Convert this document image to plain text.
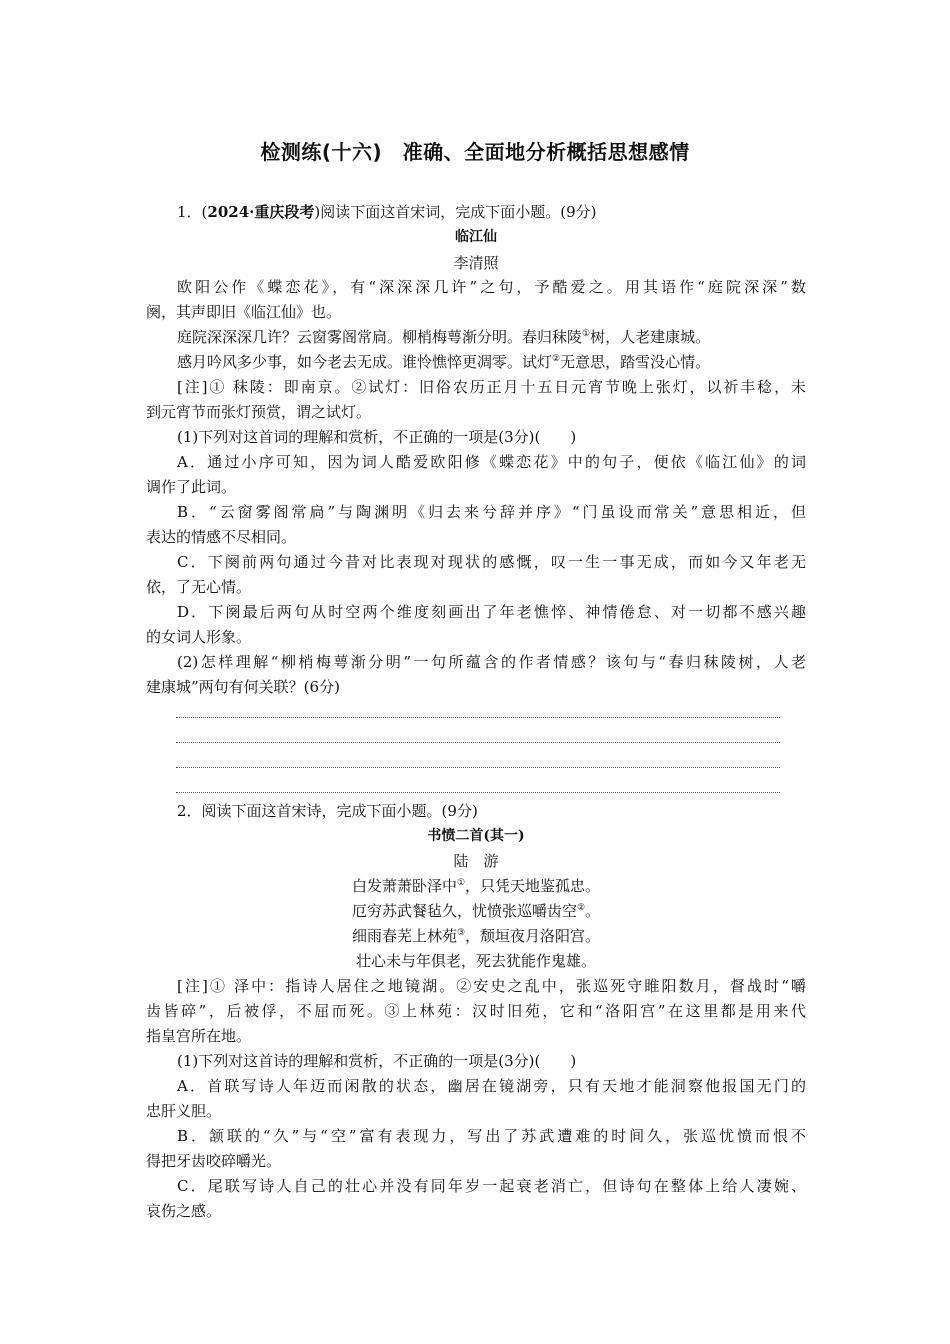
检测练(十六)　准确、全面地分析概括思想感情
1．(2024·重庆段考)阅读下面这首宋词，完成下面小题。(9分)
临江仙
李清照
欧阳公作《蝶恋花》，有“深深深几许”之句，予酷爱之。用其语作“庭院深深”数
阕，其声即旧《临江仙》也。
庭院深深深几许？云窗雾阁常扃。柳梢梅萼渐分明。春归秣陵①树，人老建康城。
感月吟风多少事，如今老去无成。谁怜憔悴更凋零。试灯②无意思，踏雪没心情。
[注]① 秣陵：即南京。②试灯：旧俗农历正月十五日元宵节晚上张灯，以祈丰稔，未
到元宵节而张灯预赏，谓之试灯。
(1)下列对这首词的理解和赏析，不正确的一项是(3分)(　　)
A．通过小序可知，因为词人酷爱欧阳修《蝶恋花》中的句子，便依《临江仙》的词
调作了此词。
B．“云窗雾阁常扃”与陶渊明《归去来兮辞并序》“门虽设而常关”意思相近，但
表达的情感不尽相同。
C．下阕前两句通过今昔对比表现对现状的感慨，叹一生一事无成，而如今又年老无
依，了无心情。
D．下阕最后两句从时空两个维度刻画出了年老憔悴、神情倦怠、对一切都不感兴趣
的女词人形象。
(2)怎样理解“柳梢梅萼渐分明”一句所蕴含的作者情感？该句与“春归秣陵树，人老
建康城”两句有何关联？(6分)
2．阅读下面这首宋诗，完成下面小题。(9分)
书愤二首(其一)
陆　游
白发萧萧卧泽中①，只凭天地鉴孤忠。
厄穷苏武餐毡久，忧愤张巡嚼齿空②。
细雨春芜上林苑③，颓垣夜月洛阳宫。
壮心未与年俱老，死去犹能作鬼雄。
[注]① 泽中：指诗人居住之地镜湖。②安史之乱中，张巡死守睢阳数月，督战时“嚼
齿皆碎”，后被俘，不屈而死。③上林苑：汉时旧苑，它和“洛阳宫”在这里都是用来代
指皇宫所在地。
(1)下列对这首诗的理解和赏析，不正确的一项是(3分)(　　)
A．首联写诗人年迈而闲散的状态，幽居在镜湖旁，只有天地才能洞察他报国无门的
忠肝义胆。
B．颔联的“久”与“空”富有表现力，写出了苏武遭难的时间久，张巡忧愤而恨不
得把牙齿咬碎嚼光。
C．尾联写诗人自己的壮心并没有同年岁一起衰老消亡，但诗句在整体上给人凄婉、
哀伤之感。
